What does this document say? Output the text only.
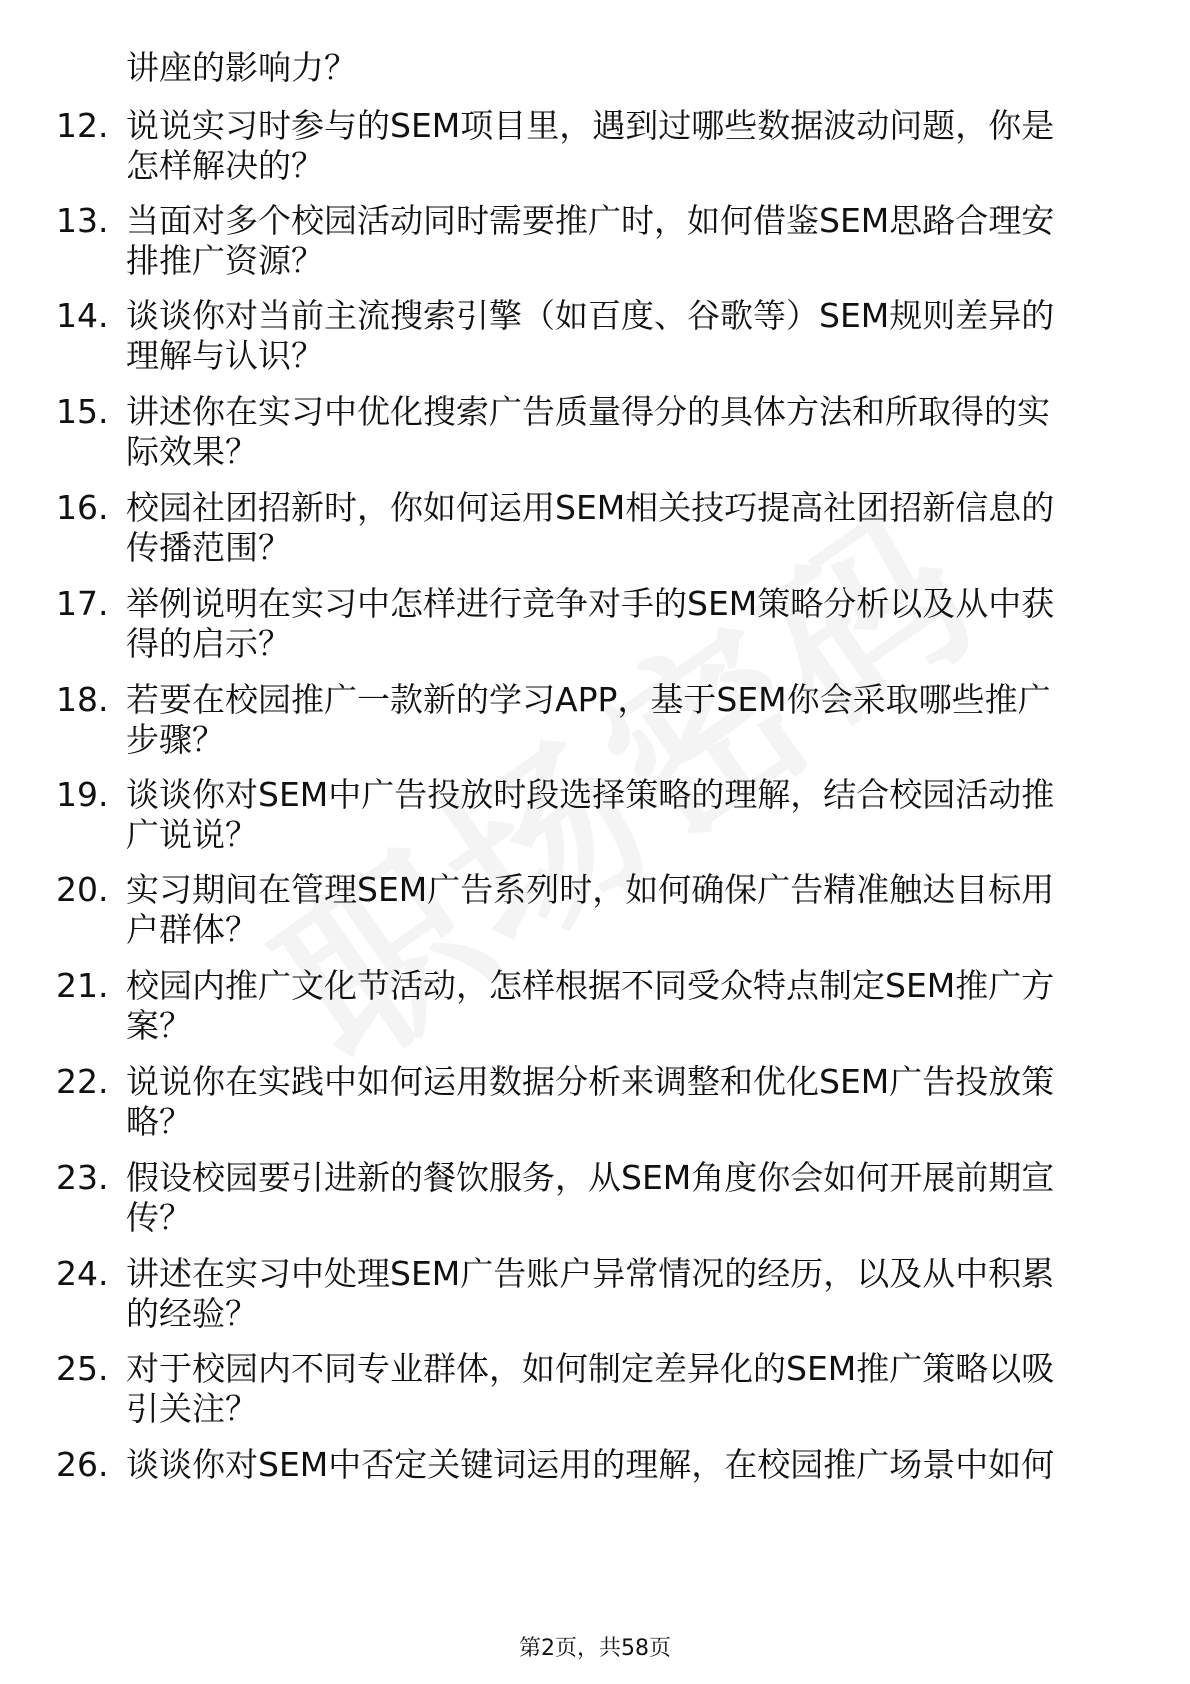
讲座的影响力？
12. 说说实习时参与的SEM项目里，遇到过哪些数据波动问题，你是
怎样解决的？
13. 当面对多个校园活动同时需要推广时，如何借鉴SEM思路合理安
排推广资源？
14. 谈谈你对当前主流搜索引擎（如百度、谷歌等）SEM规则差异的
理解与认识？
15. 讲述你在实习中优化搜索广告质量得分的具体方法和所取得的实
际效果？
16. 校园社团招新时，你如何运用SEM相关技巧提高社团招新信息的
传播范围？
17. 举例说明在实习中怎样进行竞争对手的SEM策略分析以及从中获
得的启示？
18. 若要在校园推广一款新的学习APP，基于SEM你会采取哪些推广
步骤？
19. 谈谈你对SEM中广告投放时段选择策略的理解，结合校园活动推
广说说？
20. 实习期间在管理SEM广告系列时，如何确保广告精准触达目标用
户群体？
21. 校园内推广文化节活动，怎样根据不同受众特点制定SEM推广方
案？
22. 说说你在实践中如何运用数据分析来调整和优化SEM广告投放策
略？
23. 假设校园要引进新的餐饮服务，从SEM角度你会如何开展前期宣
传？
24. 讲述在实习中处理SEM广告账户异常情况的经历，以及从中积累
的经验？
25. 对于校园内不同专业群体，如何制定差异化的SEM推广策略以吸
引关注？
26. 谈谈你对SEM中否定关键词运用的理解，在校园推广场景中如何
第2页，共58页
